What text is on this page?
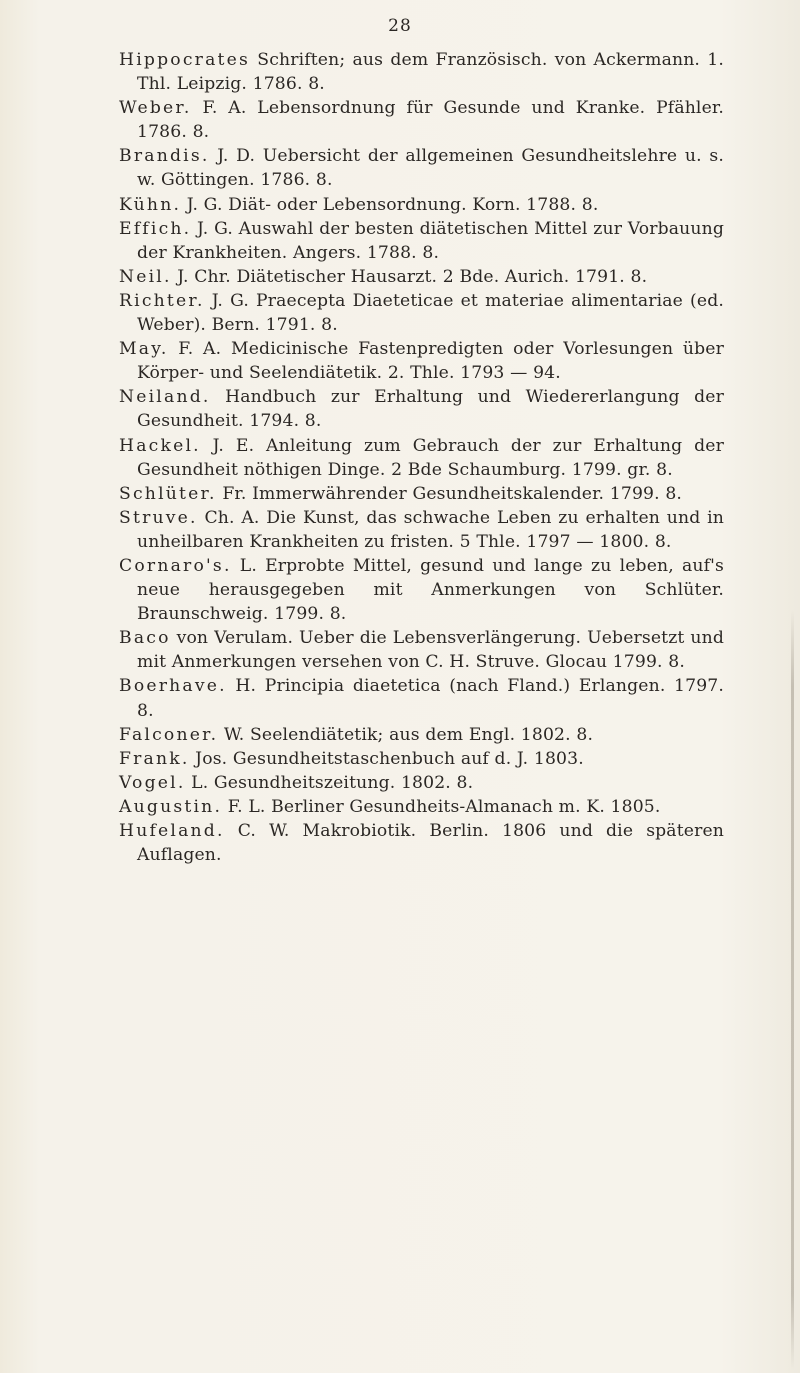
28
Hippocrates Schriften; aus dem Französisch. von Ackermann. 1. Thl. Leipzig. 1786. 8.
Weber. F. A. Lebensordnung für Gesunde und Kranke. Pfähler. 1786. 8.
Brandis. J. D. Uebersicht der allgemeinen Gesundheitslehre u. s. w. Göttingen. 1786. 8.
Kühn. J. G. Diät- oder Lebensordnung. Korn. 1788. 8.
Effich. J. G. Auswahl der besten diätetischen Mittel zur Vorbauung der Krankheiten. Angers. 1788. 8.
Neil. J. Chr. Diätetischer Hausarzt. 2 Bde. Aurich. 1791. 8.
Richter. J. G. Praecepta Diaeteticae et materiae alimentariae (ed. Weber). Bern. 1791. 8.
May. F. A. Medicinische Fastenpredigten oder Vorlesungen über Körper- und Seelendiätetik. 2. Thle. 1793 — 94.
Neiland. Handbuch zur Erhaltung und Wiedererlangung der Gesundheit. 1794. 8.
Hackel. J. E. Anleitung zum Gebrauch der zur Erhaltung der Gesundheit nöthigen Dinge. 2 Bde Schaumburg. 1799. gr. 8.
Schlüter. Fr. Immerwährender Gesundheitskalender. 1799. 8.
Struve. Ch. A. Die Kunst, das schwache Leben zu erhalten und in unheilbaren Krankheiten zu fristen. 5 Thle. 1797 — 1800. 8.
Cornaro's. L. Erprobte Mittel, gesund und lange zu leben, auf's neue herausgegeben mit Anmerkungen von Schlüter. Braunschweig. 1799. 8.
Baco von Verulam. Ueber die Lebensverlängerung. Uebersetzt und mit Anmerkungen versehen von C. H. Struve. Glocau 1799. 8.
Boerhave. H. Principia diaetetica (nach Fland.) Erlangen. 1797. 8.
Falconer. W. Seelendiätetik; aus dem Engl. 1802. 8.
Frank. Jos. Gesundheitstaschenbuch auf d. J. 1803.
Vogel. L. Gesundheitszeitung. 1802. 8.
Augustin. F. L. Berliner Gesundheits-Almanach m. K. 1805.
Hufeland. C. W. Makrobiotik. Berlin. 1806 und die späteren Auflagen.
